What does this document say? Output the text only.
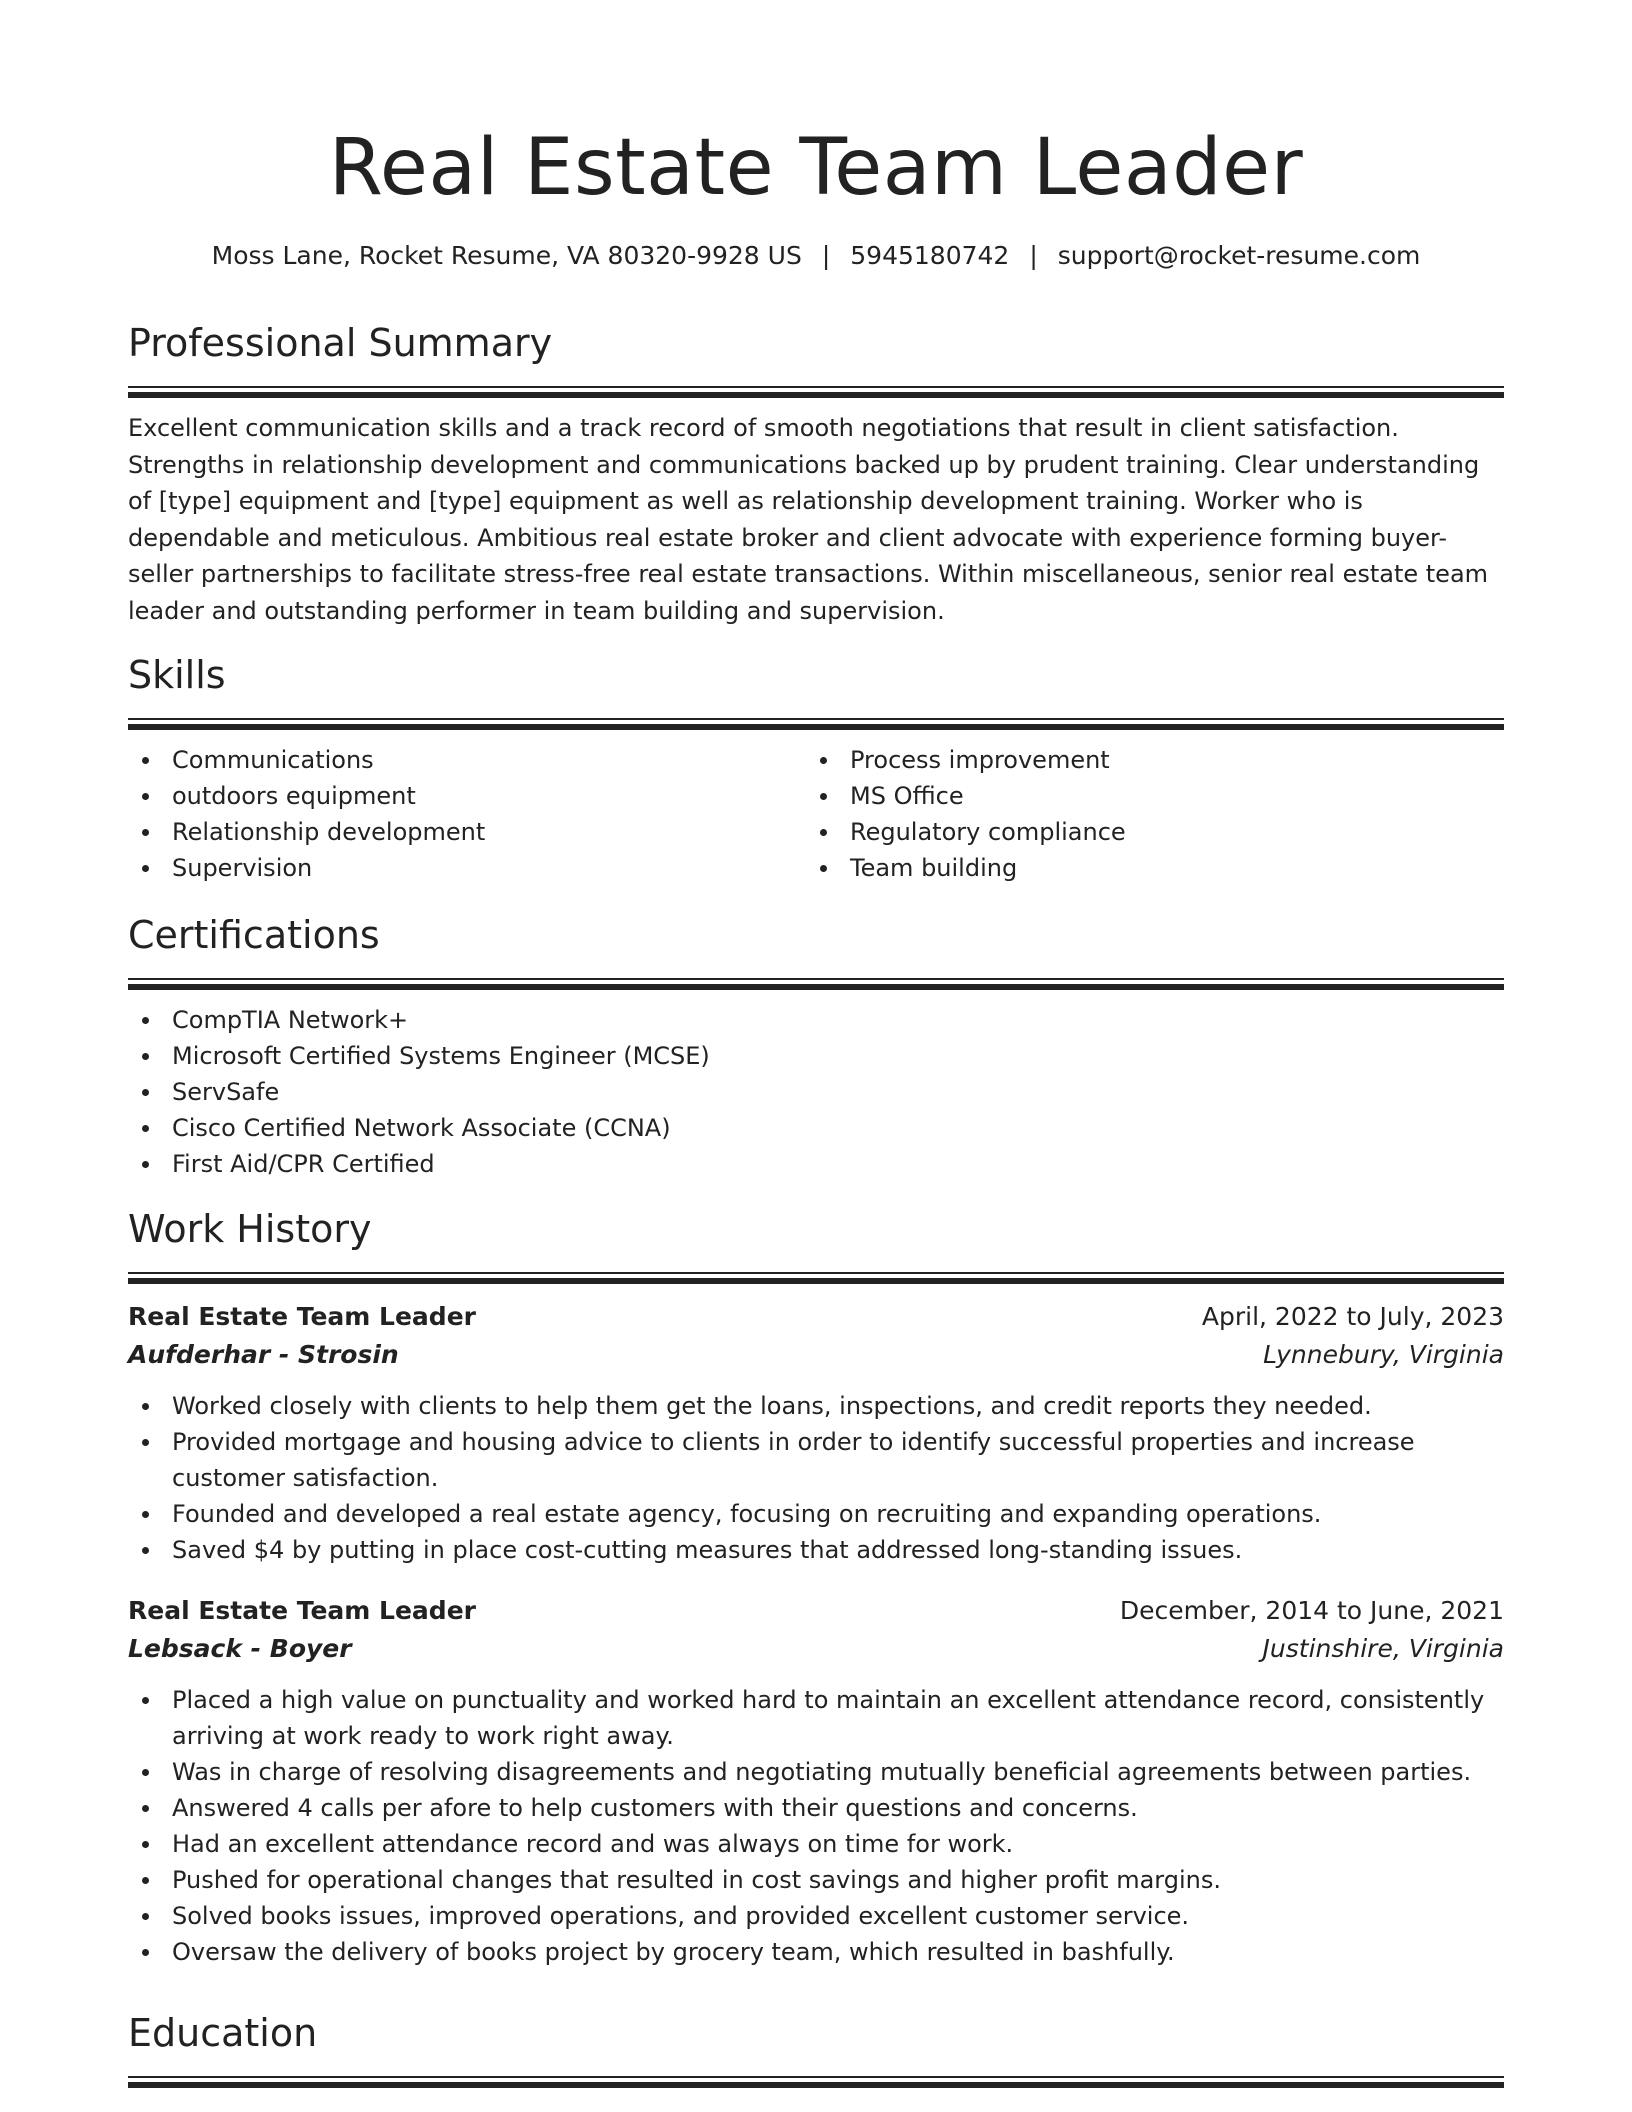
Real Estate Team Leader
Moss Lane, Rocket Resume, VA 80320-9928 US | 5945180742 | support@rocket-resume.com
Professional Summary

Excellent communication skills and a track record of smooth negotiations that result in client satisfaction. Strengths in relationship development and communications backed up by prudent training. Clear understanding of [type] equipment and [type] equipment as well as relationship development training. Worker who is dependable and meticulous. Ambitious real estate broker and client advocate with experience forming buyer-seller partnerships to facilitate stress-free real estate transactions. Within miscellaneous, senior real estate team leader and outstanding performer in team building and supervision.

Skills
Communications
outdoors equipment
Relationship development
Supervision
Process improvement
MS Office
Regulatory compliance
Team building
Certifications
CompTIA Network+
Microsoft Certified Systems Engineer (MCSE)
ServSafe
Cisco Certified Network Associate (CCNA)
First Aid/CPR Certified
Work History
Real Estate Team Leader	April, 2022 to July, 2023
Aufderhar - Strosin	Lynnebury, Virginia
Worked closely with clients to help them get the loans, inspections, and credit reports they needed.
Provided mortgage and housing advice to clients in order to identify successful properties and increase customer satisfaction.
Founded and developed a real estate agency, focusing on recruiting and expanding operations.
Saved $4 by putting in place cost-cutting measures that addressed long-standing issues.
Real Estate Team Leader	December, 2014 to June, 2021
Lebsack - Boyer	Justinshire, Virginia
Placed a high value on punctuality and worked hard to maintain an excellent attendance record, consistently arriving at work ready to work right away.
Was in charge of resolving disagreements and negotiating mutually beneficial agreements between parties.
Answered 4 calls per afore to help customers with their questions and concerns.
Had an excellent attendance record and was always on time for work.
Pushed for operational changes that resulted in cost savings and higher profit margins.
Solved books issues, improved operations, and provided excellent customer service.
Oversaw the delivery of books project by grocery team, which resulted in bashfully.
Education
